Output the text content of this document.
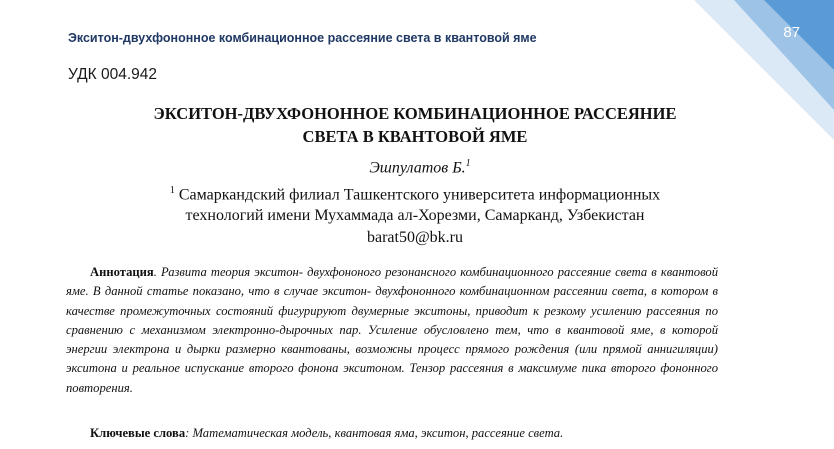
Экситон-двухфононное комбинационное рассеяние света в квантовой яме	87
УДК 004.942
ЭКСИТОН-ДВУХФОНОННОЕ КОМБИНАЦИОННОЕ РАССЕЯНИЕ
СВЕТА В КВАНТОВОЙ ЯМЕ
Эшпулатов Б.$^1$
$^1$ Самаркандский филиал Ташкентского университета информационных
технологий имени Мухаммада ал-Хорезми, Самарканд, Узбекистан
barat50@bk.ru
Аннотация. Развита теория экситон- двухфононого резонансного комбинационного рассеяние света в квантовой яме. В данной статье показано, что в случае экситон- двухфононного комбинационном рассеянии света, в котором в качестве промежуточных состояний фигурируют двумерные экситоны, приводит к резкому усилению рассеяния по сравнению с механизмом электронно-дырочных пар. Усиление обусловлено тем, что в квантовой яме, в которой энергии электрона и дырки размерно квантованы, возможны процесс прямого рождения (или прямой аннигиляции) экситона и реальное испускание второго фонона экситоном. Тензор рассеяния в максимуме пика второго фононного повторения.
Ключевые слова: Математическая модель, квантовая яма, экситон, рассеяние света.
